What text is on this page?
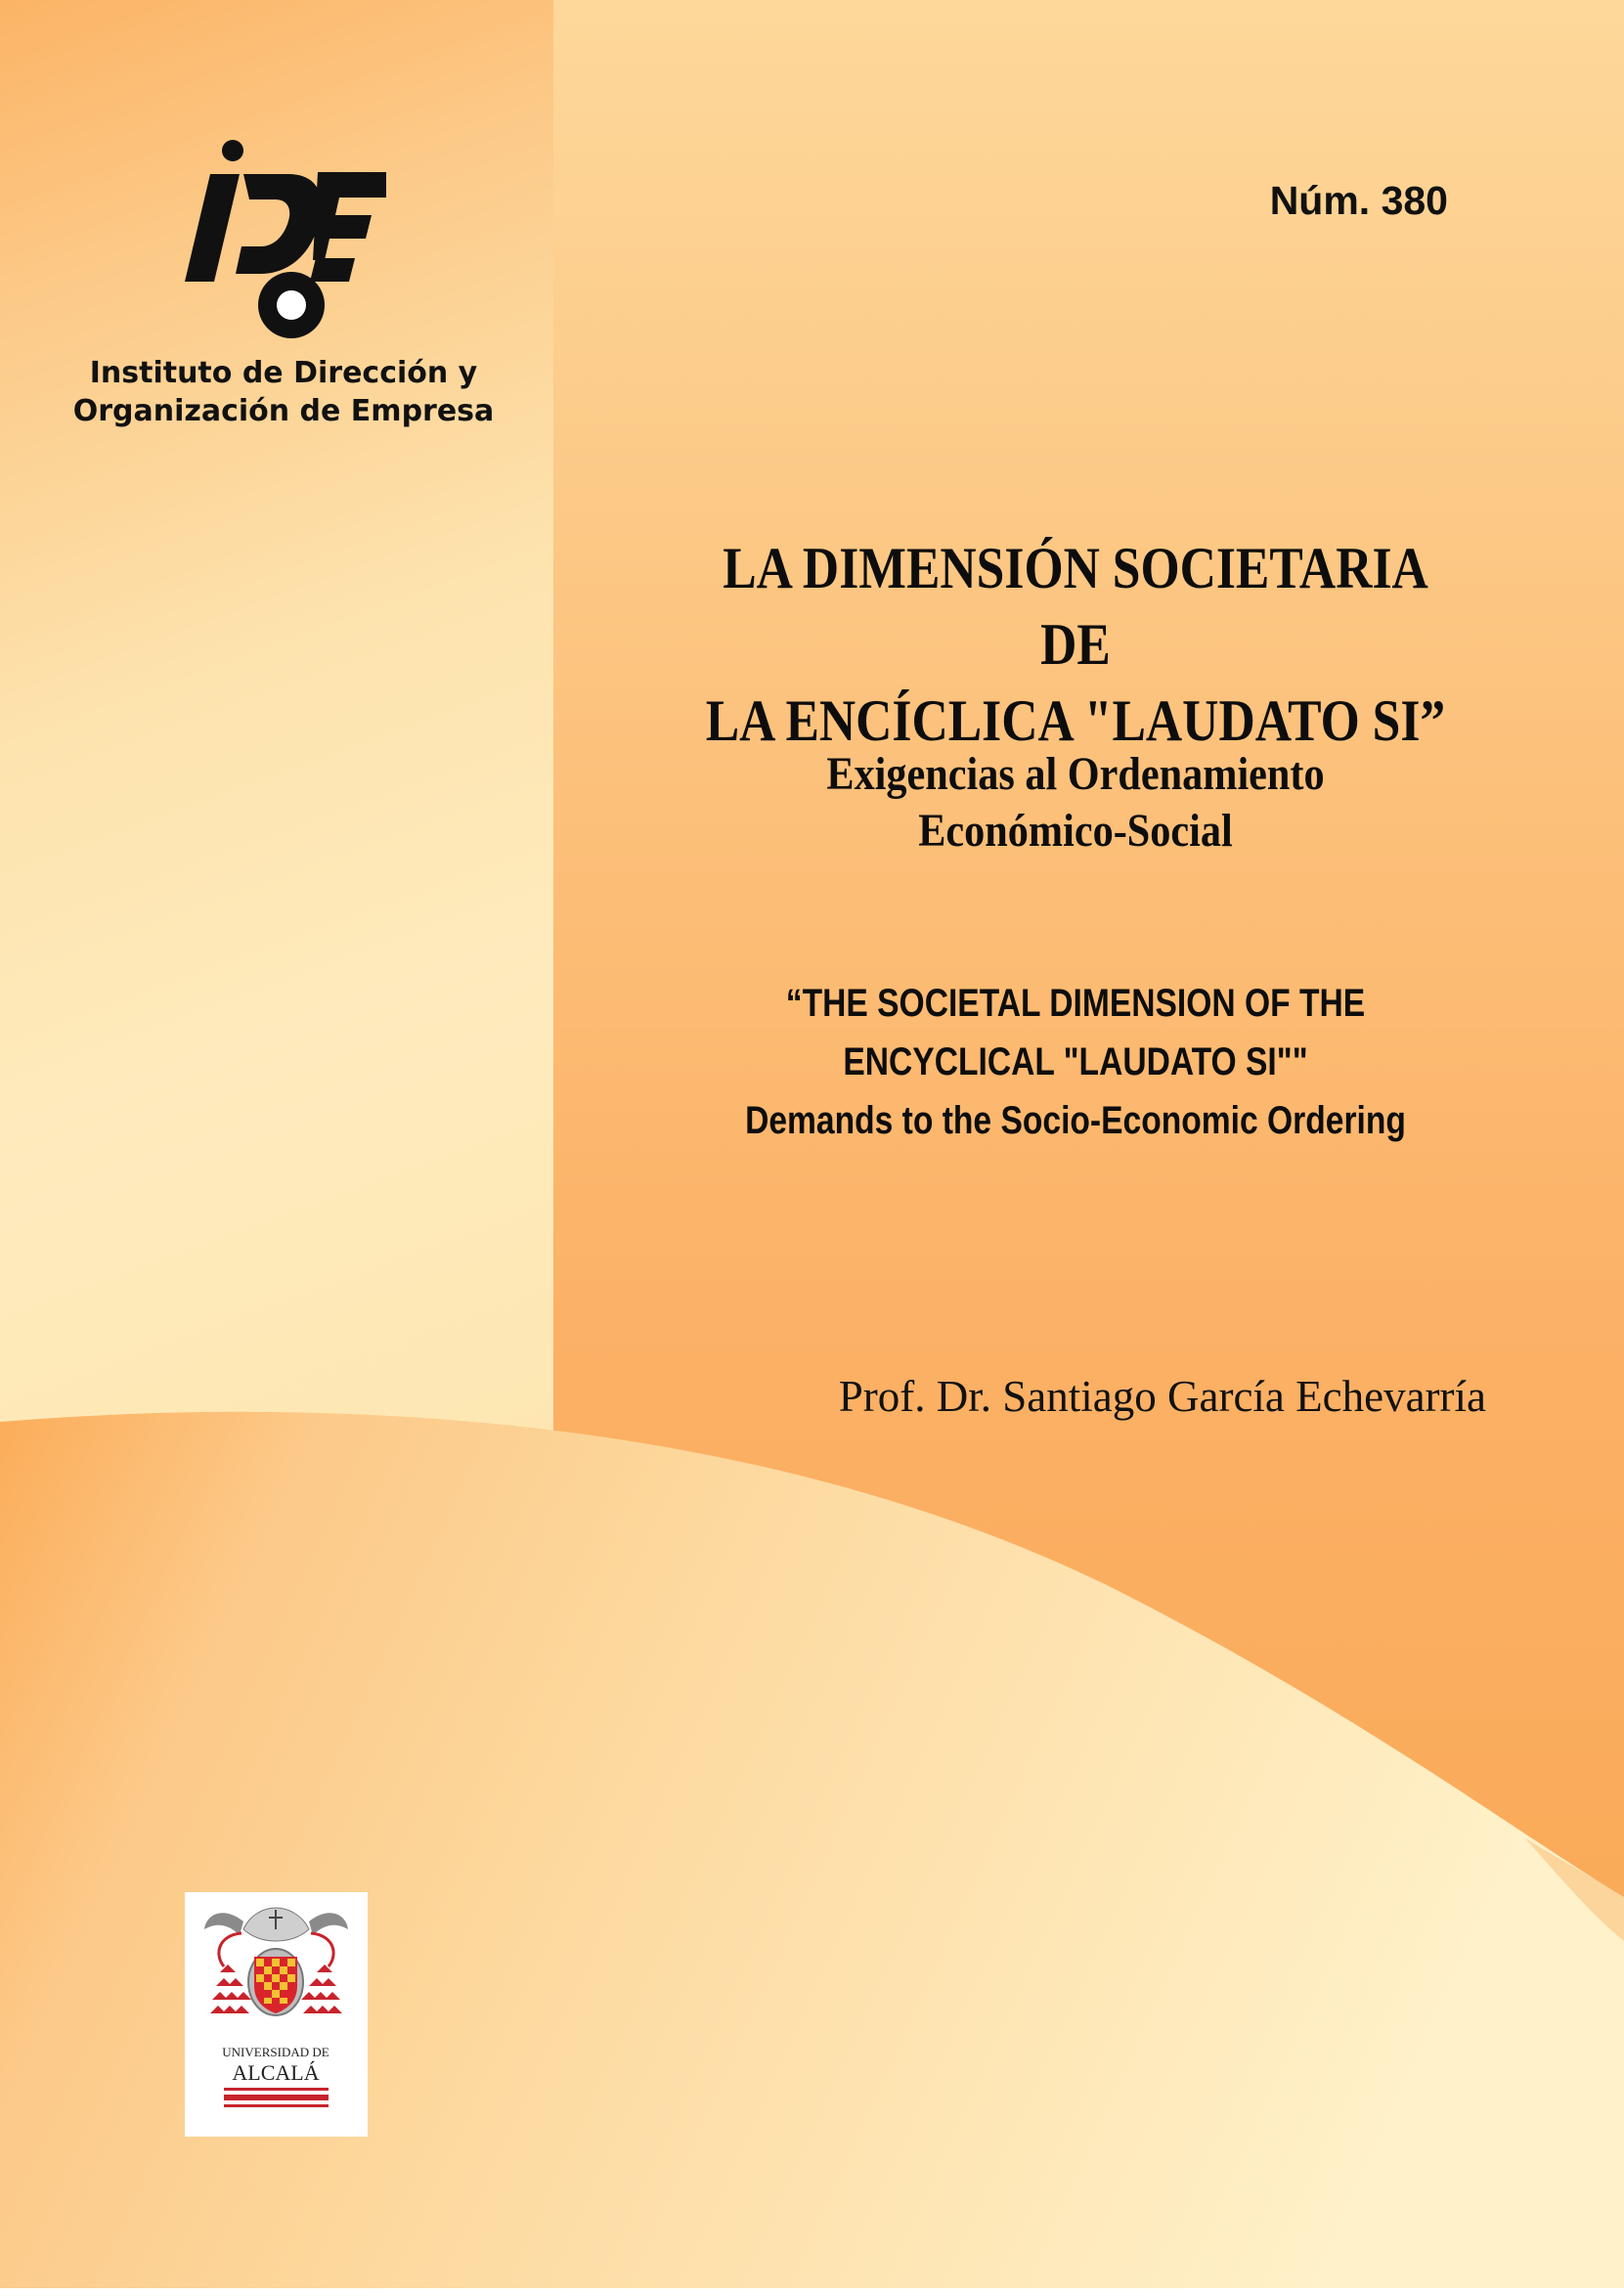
Instituto de Dirección y
Organización de Empresa
Núm. 380
LA DIMENSIÓN SOCIETARIA DE
LA ENCÍCLICA "LAUDATO SI”
Exigencias al Ordenamiento
Económico-Social
“THE SOCIETAL DIMENSION OF THE
ENCYCLICAL "LAUDATO SI""
Demands to the Socio-Economic Ordering
Prof. Dr. Santiago García Echevarría
UNIVERSIDAD DE
ALCALÁ
